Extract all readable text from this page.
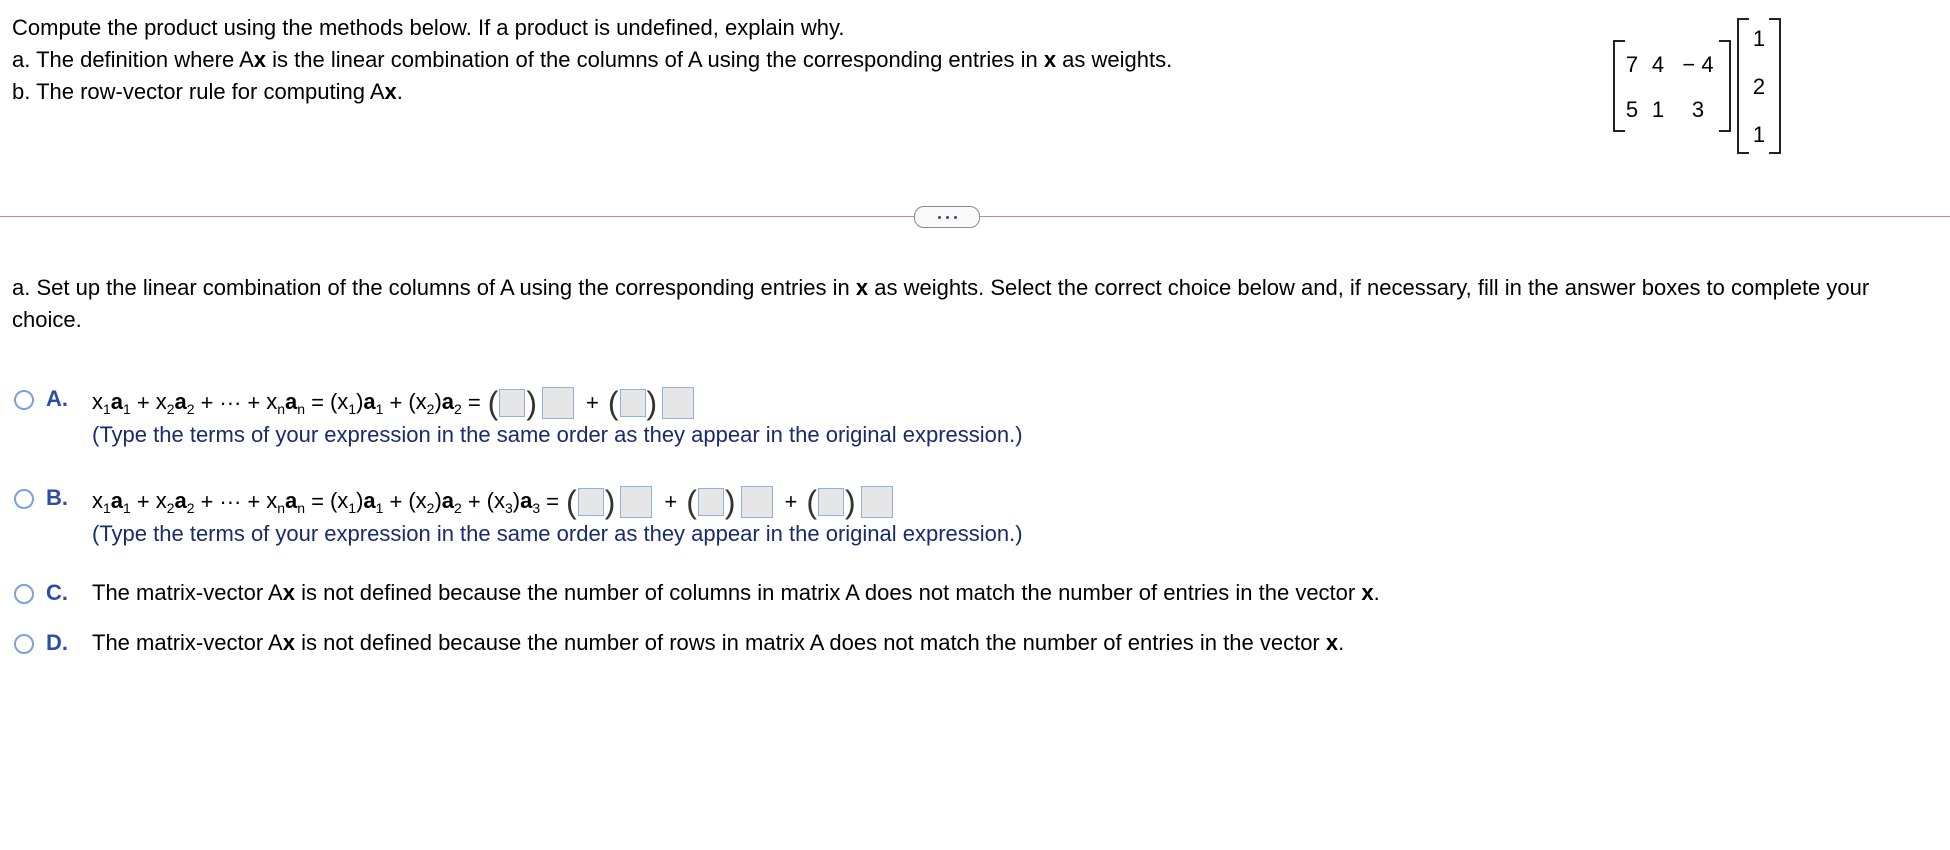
Compute the product using the methods below. If a product is undefined, explain why.
a. The definition where Ax is the linear combination of the columns of A using the corresponding entries in x as weights.
b. The row-vector rule for computing Ax.
7 4 − 4
5 1	3
1
2
1
a. Set up the linear combination of the columns of A using the corresponding entries in x as weights. Select the correct choice below and, if necessary, fill in the answer boxes to complete your choice.
A. $x_1a_1 + x_2a_2$ + ··· + $x_na_n = (x_1)a_1 + (x_2)a_2$ = ( ) + ( )
(Type the terms of your expression in the same order as they appear in the original expression.)
B. $x_1a_1 + x_2a_2$ + ··· + $x_na_n = (x_1)a_1 + (x_2)a_2 + (x_3)a_3$ = ( ) + ( ) + ( )
(Type the terms of your expression in the same order as they appear in the original expression.)
C. The matrix-vector Ax is not defined because the number of columns in matrix A does not match the number of entries in the vector x.
D. The matrix-vector Ax is not defined because the number of rows in matrix A does not match the number of entries in the vector x.
